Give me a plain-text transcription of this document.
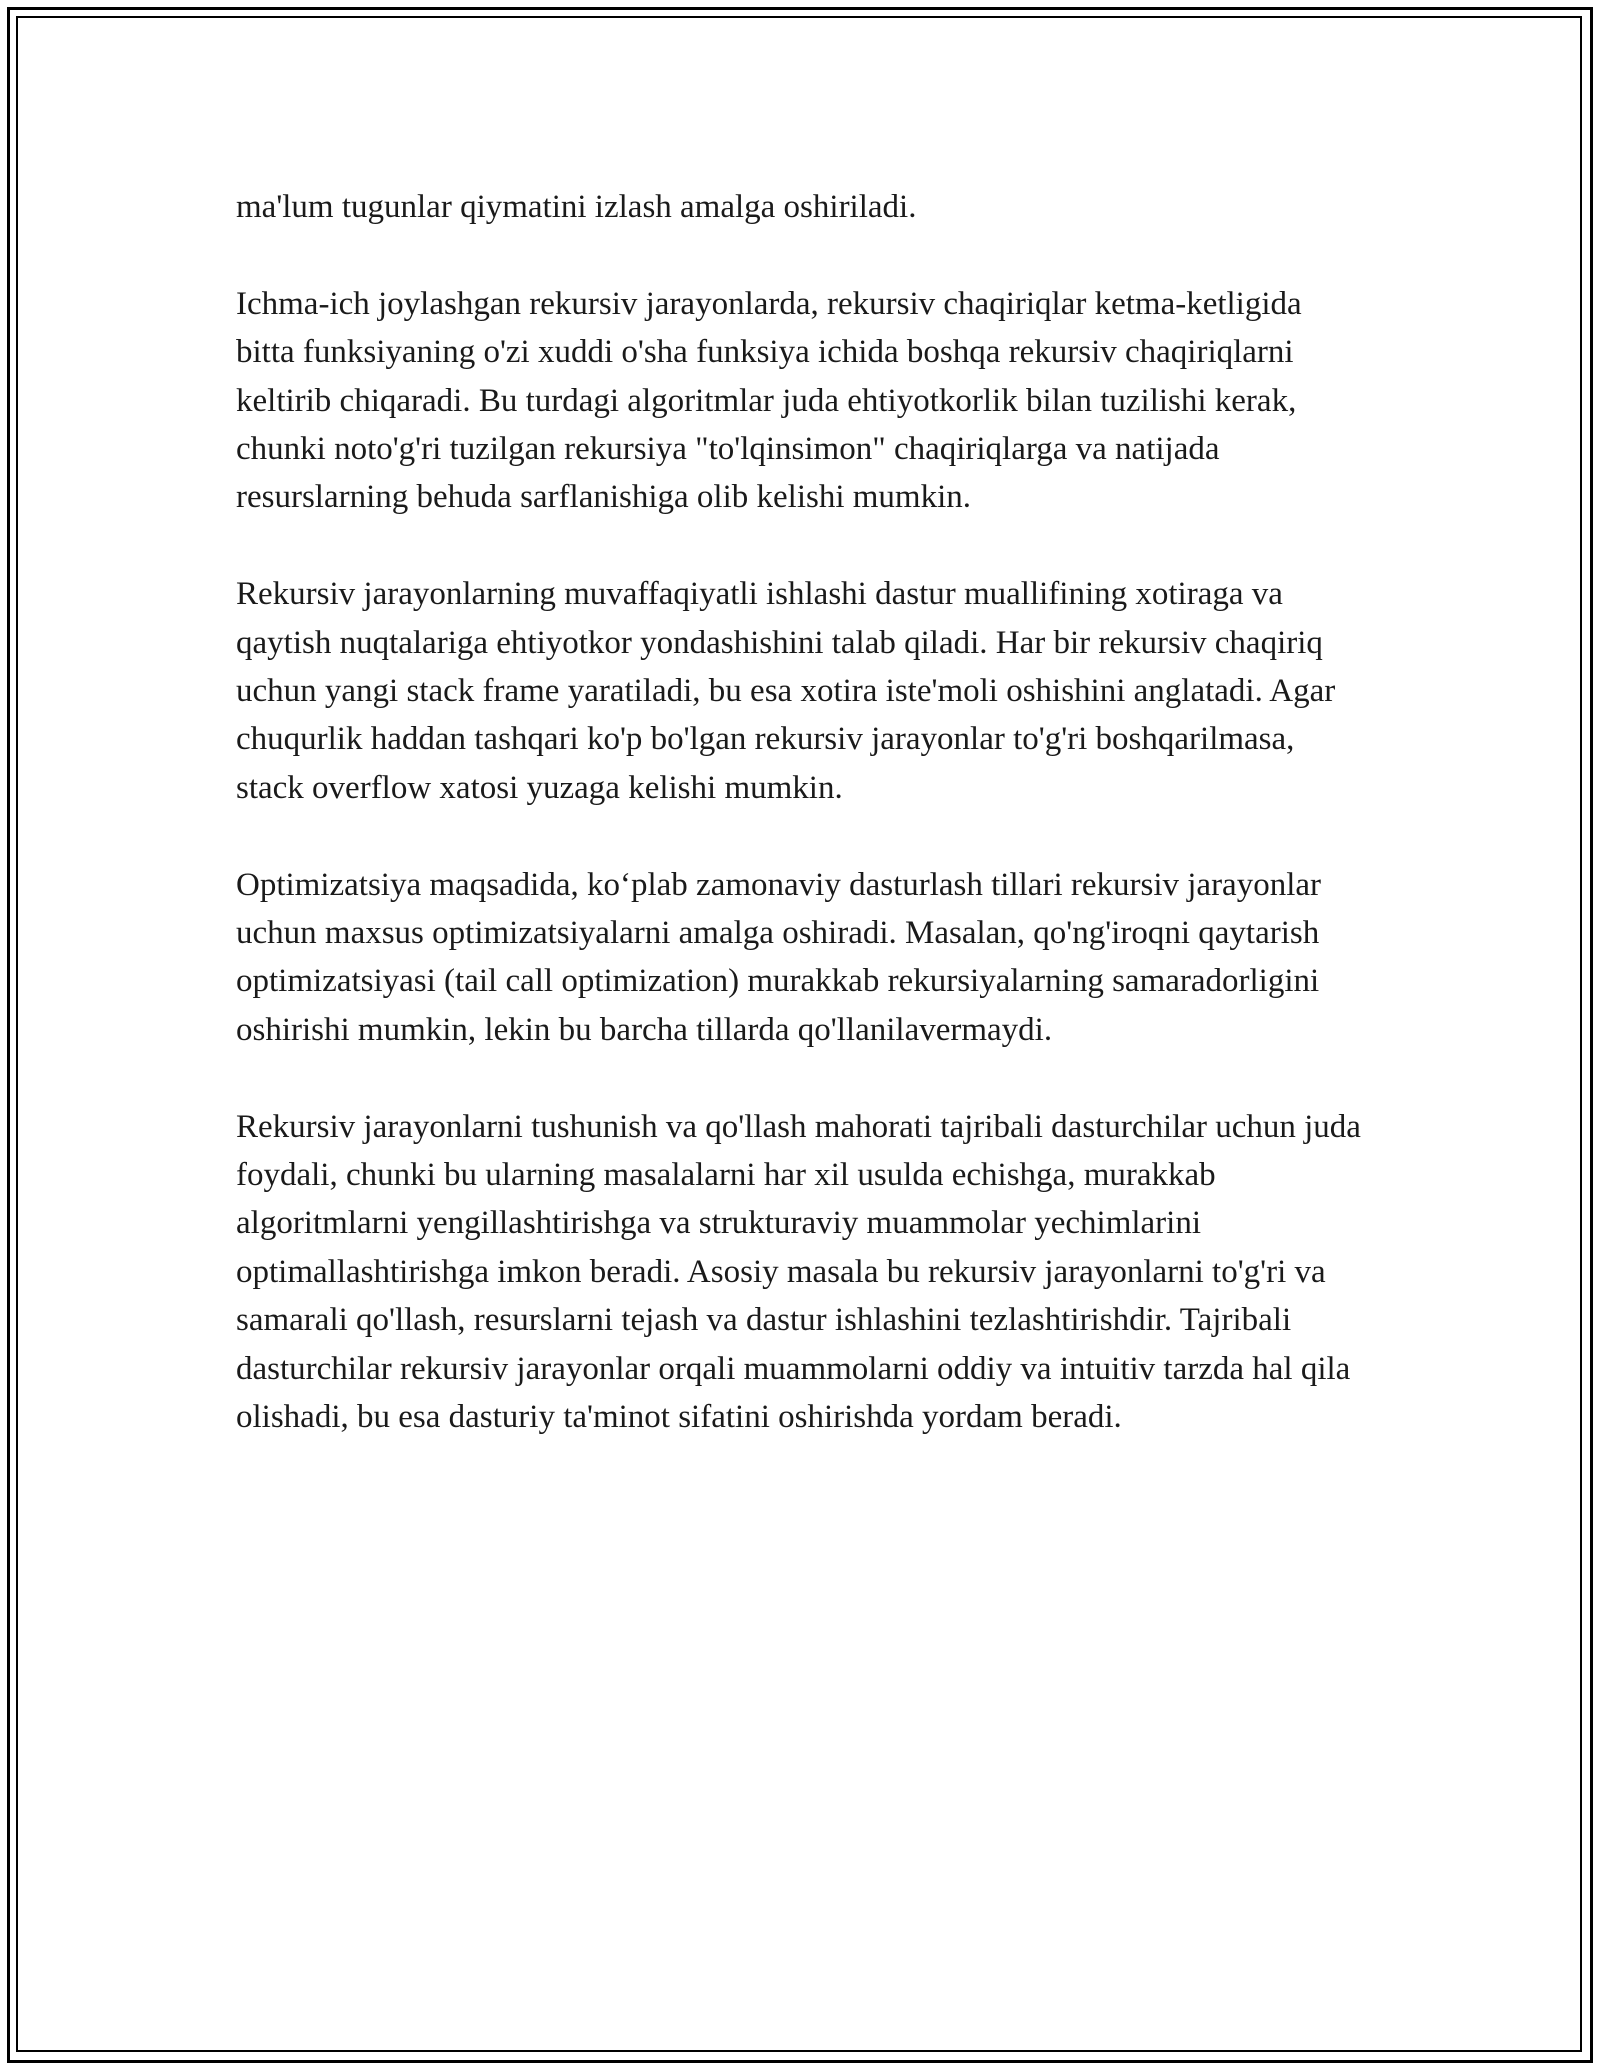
ma'lum tugunlar qiymatini izlash amalga oshiriladi.

Ichma-ich joylashgan rekursiv jarayonlarda, rekursiv chaqiriqlar ketma-ketligida bitta funksiyaning o'zi xuddi o'sha funksiya ichida boshqa rekursiv chaqiriqlarni keltirib chiqaradi. Bu turdagi algoritmlar juda ehtiyotkorlik bilan tuzilishi kerak, chunki noto'g'ri tuzilgan rekursiya "to'lqinsimon" chaqiriqlarga va natijada resurslarning behuda sarflanishiga olib kelishi mumkin.

Rekursiv jarayonlarning muvaffaqiyatli ishlashi dastur muallifining xotiraga va qaytish nuqtalariga ehtiyotkor yondashishini talab qiladi. Har bir rekursiv chaqiriq uchun yangi stack frame yaratiladi, bu esa xotira iste'moli oshishini anglatadi. Agar chuqurlik haddan tashqari ko'p bo'lgan rekursiv jarayonlar to'g'ri boshqarilmasa, stack overflow xatosi yuzaga kelishi mumkin.

Optimizatsiya maqsadida, ko‘plab zamonaviy dasturlash tillari rekursiv jarayonlar uchun maxsus optimizatsiyalarni amalga oshiradi. Masalan, qo'ng'iroqni qaytarish optimizatsiyasi (tail call optimization) murakkab rekursiyalarning samaradorligini oshirishi mumkin, lekin bu barcha tillarda qo'llanilavermaydi.

Rekursiv jarayonlarni tushunish va qo'llash mahorati tajribali dasturchilar uchun juda foydali, chunki bu ularning masalalarni har xil usulda echishga, murakkab algoritmlarni yengillashtirishga va strukturaviy muammolar yechimlarini optimallashtirishga imkon beradi. Asosiy masala bu rekursiv jarayonlarni to'g'ri va samarali qo'llash, resurslarni tejash va dastur ishlashini tezlashtirishdir. Tajribali dasturchilar rekursiv jarayonlar orqali muammolarni oddiy va intuitiv tarzda hal qila olishadi, bu esa dasturiy ta'minot sifatini oshirishda yordam beradi.
